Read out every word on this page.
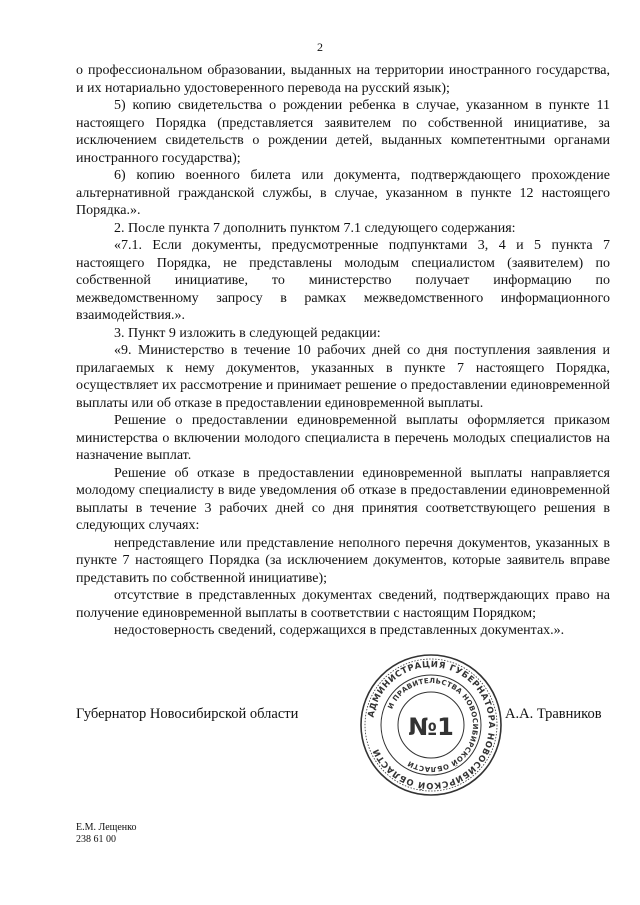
2

о профессиональном образовании, выданных на территории иностранного государства, и их нотариально удостоверенного перевода на русский язык);

5) копию свидетельства о рождении ребенка в случае, указанном в пункте 11 настоящего Порядка (представляется заявителем по собственной инициативе, за исключением свидетельств о рождении детей, выданных компетентными органами иностранного государства);

6) копию военного билета или документа, подтверждающего прохождение альтернативной гражданской службы, в случае, указанном в пункте 12 настоящего Порядка.».

2. После пункта 7 дополнить пунктом 7.1 следующего содержания:

«7.1. Если документы, предусмотренные подпунктами 3, 4 и 5 пункта 7 настоящего Порядка, не представлены молодым специалистом (заявителем) по собственной инициативе, то министерство получает информацию по межведомственному запросу в рамках межведомственного информационного взаимодействия.».

3. Пункт 9 изложить в следующей редакции:

«9. Министерство в течение 10 рабочих дней со дня поступления заявления и прилагаемых к нему документов, указанных в пункте 7 настоящего Порядка, осуществляет их рассмотрение и принимает решение о предоставлении единовременной выплаты или об отказе в предоставлении единовременной выплаты.

Решение о предоставлении единовременной выплаты оформляется приказом министерства о включении молодого специалиста в перечень молодых специалистов на назначение выплат.

Решение об отказе в предоставлении единовременной выплаты направляется молодому специалисту в виде уведомления об отказе в предоставлении единовременной выплаты в течение 3 рабочих дней со дня принятия соответствующего решения в следующих случаях:

непредставление или представление неполного перечня документов, указанных в пункте 7 настоящего Порядка (за исключением документов, которые заявитель вправе представить по собственной инициативе);

отсутствие в представленных документах сведений, подтверждающих право на получение единовременной выплаты в соответствии с настоящим Порядком;

недостоверность сведений, содержащихся в представленных документах.».

Губернатор Новосибирской области	АДМИНИСТРАЦИЯ ГУБЕРНАТОРА НОВОСИБИРСКОЙ ОБЛАСТИ
И ПРАВИТЕЛЬСТВА НОВОСИБИРСКОЙ ОБЛАСТИ
№1	А.А. Травников
Е.М. Лещенко
238 61 00
